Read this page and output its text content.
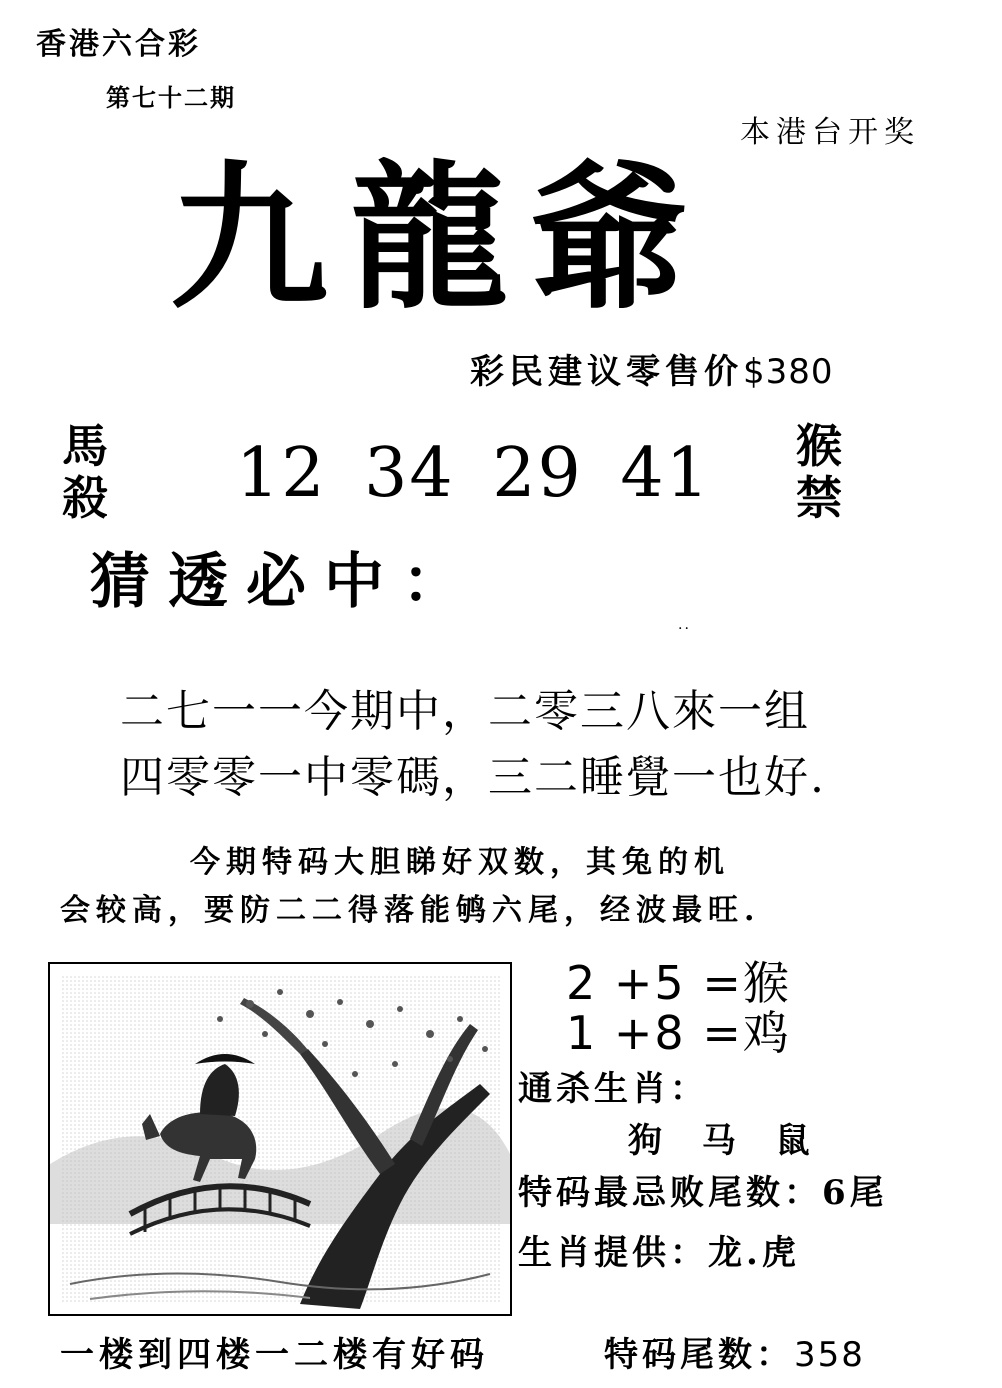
香港六合彩
第七十二期
本港台开奖
九龍爺
彩民建议零售价$380
馬殺 12 34 29 41 猴禁
猜透必中：
..
二七一一今期中，二零三八來一组
四零零一中零碼，三二睡覺一也好.
今期特码大胆睇好双数，其兔的机
会较高，要防二二得落能鸲六尾，经波最旺.
2 +5 =猴
1 +8 =鸡
通杀生肖：
狗 马 鼠
特码最忌败尾数：6尾
生肖提供：龙.虎
一楼到四楼一二楼有好码	特码尾数：358
